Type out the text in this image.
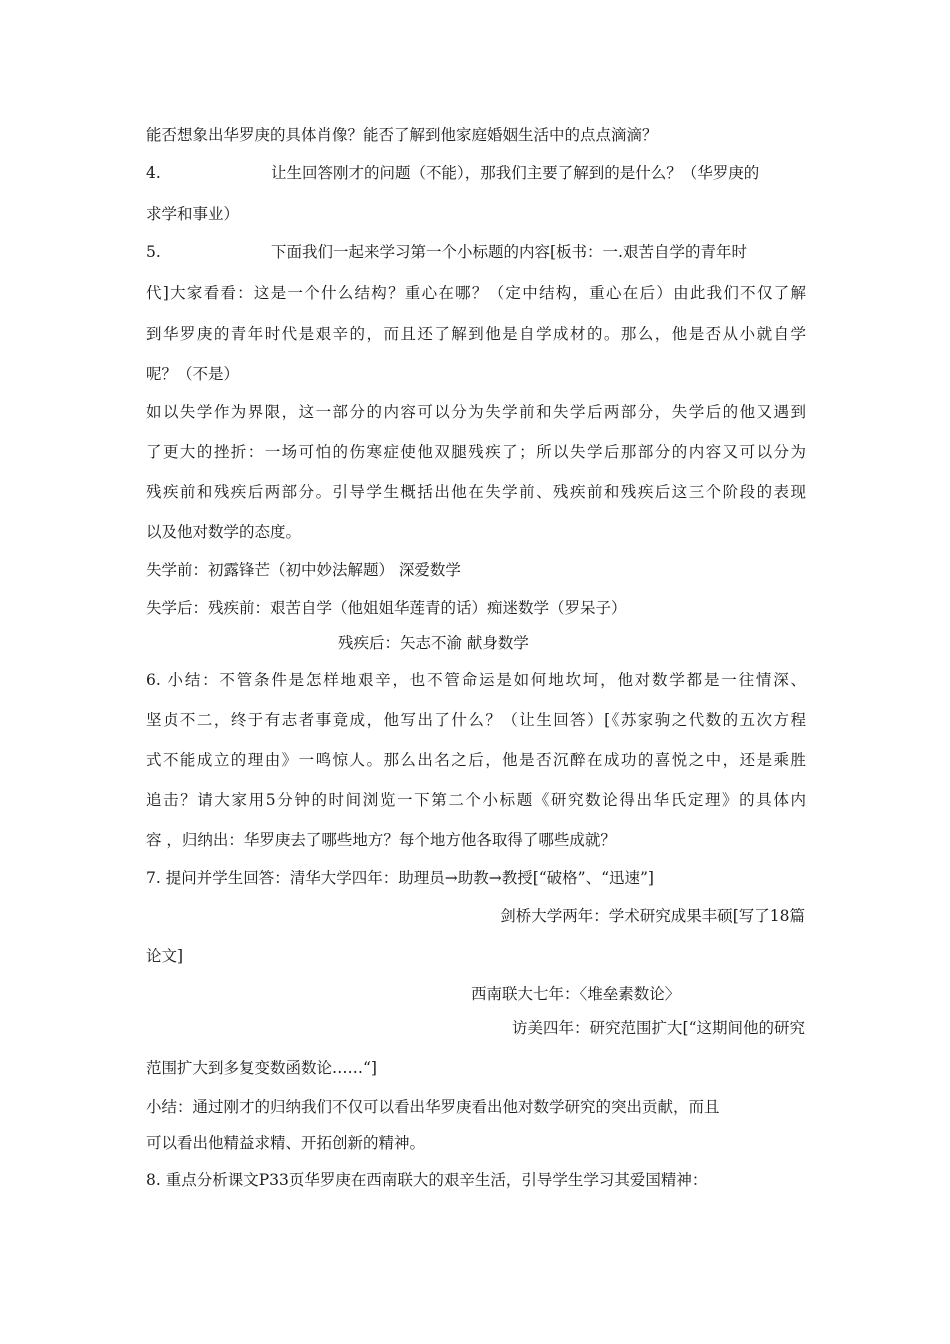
能否想象出华罗庚的具体肖像？能否了解到他家庭婚姻生活中的点点滴滴？
4.	让生回答刚才的问题（不能），那我们主要了解到的是什么？（华罗庚的
求学和事业）
5.	下面我们一起来学习第一个小标题的内容[板书：一.艰苦自学的青年时
代]大家看看：这是一个什么结构？重心在哪？（定中结构，重心在后）由此我们不仅了解
到华罗庚的青年时代是艰辛的，而且还了解到他是自学成材的。那么，他是否从小就自学
呢？（不是）
如以失学作为界限，这一部分的内容可以分为失学前和失学后两部分，失学后的他又遇到
了更大的挫折：一场可怕的伤寒症使他双腿残疾了；所以失学后那部分的内容又可以分为
残疾前和残疾后两部分。引导学生概括出他在失学前、残疾前和残疾后这三个阶段的表现
以及他对数学的态度。
失学前：初露锋芒（初中妙法解题） 深爱数学
失学后：残疾前：艰苦自学（他姐姐华莲青的话）痴迷数学（罗呆子）
残疾后：矢志不渝 献身数学
6. 小结：不管条件是怎样地艰辛，也不管命运是如何地坎坷，他对数学都是一往情深、
坚贞不二，终于有志者事竟成，他写出了什么？（让生回答）[《苏家驹之代数的五次方程
式不能成立的理由》一鸣惊人。那么出名之后，他是否沉醉在成功的喜悦之中，还是乘胜
追击？请大家用5分钟的时间浏览一下第二个小标题《研究数论得出华氏定理》的具体内
容 ，归纳出：华罗庚去了哪些地方？每个地方他各取得了哪些成就？
7. 提问并学生回答：清华大学四年：助理员→助教→教授[“破格”、“迅速”]
剑桥大学两年：学术研究成果丰硕[写了18篇
论文]
西南联大七年：〈堆垒素数论〉
访美四年：研究范围扩大[“这期间他的研究
范围扩大到多复变数函数论……“]
小结：通过刚才的归纳我们不仅可以看出华罗庚看出他对数学研究的突出贡献，而且
可以看出他精益求精、开拓创新的精神。
8. 重点分析课文P33页华罗庚在西南联大的艰辛生活，引导学生学习其爱国精神：
